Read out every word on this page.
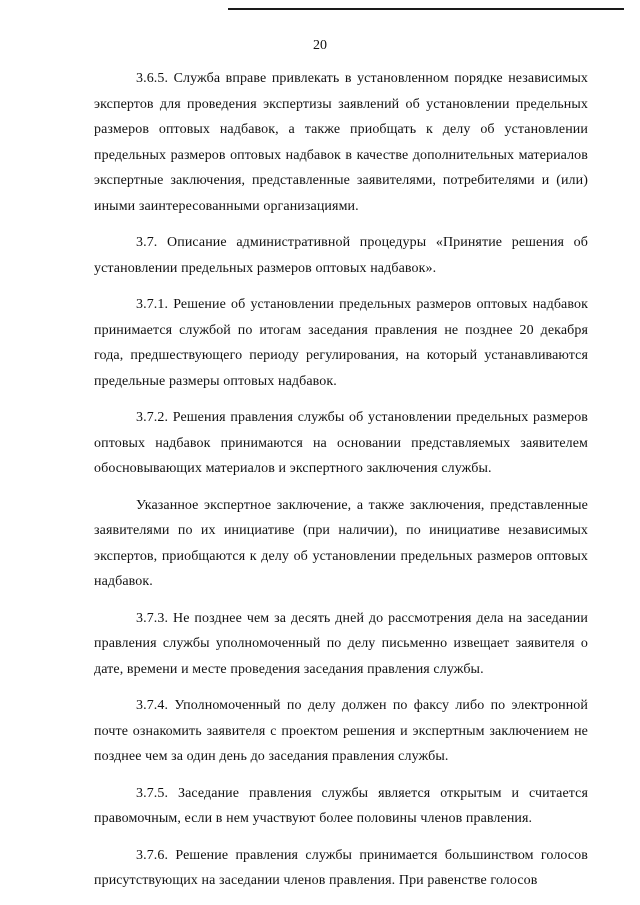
20

3.6.5. Служба вправе привлекать в установленном порядке независимых экспертов для проведения экспертизы заявлений об установлении предельных размеров оптовых надбавок, а также приобщать к делу об установлении предельных размеров оптовых надбавок в качестве дополнительных материалов экспертные заключения, представленные заявителями, потребителями и (или) иными заинтересованными организациями.

3.7. Описание административной процедуры «Принятие решения об установлении предельных размеров оптовых надбавок».

3.7.1. Решение об установлении предельных размеров оптовых надбавок принимается службой по итогам заседания правления не позднее 20 декабря года, предшествующего периоду регулирования, на который устанавливаются предельные размеры оптовых надбавок.

3.7.2. Решения правления службы об установлении предельных размеров оптовых надбавок принимаются на основании представляемых заявителем обосновывающих материалов и экспертного заключения службы.

Указанное экспертное заключение, а также заключения, представленные заявителями по их инициативе (при наличии), по инициативе независимых экспертов, приобщаются к делу об установлении предельных размеров оптовых надбавок.

3.7.3. Не позднее чем за десять дней до рассмотрения дела на заседании правления службы уполномоченный по делу письменно извещает заявителя о дате, времени и месте проведения заседания правления службы.

3.7.4. Уполномоченный по делу должен по факсу либо по электронной почте ознакомить заявителя с проектом решения и экспертным заключением не позднее чем за один день до заседания правления службы.

3.7.5. Заседание правления службы является открытым и считается правомочным, если в нем участвуют более половины членов правления.

3.7.6. Решение правления службы принимается большинством голосов присутствующих на заседании членов правления. При равенстве голосов
